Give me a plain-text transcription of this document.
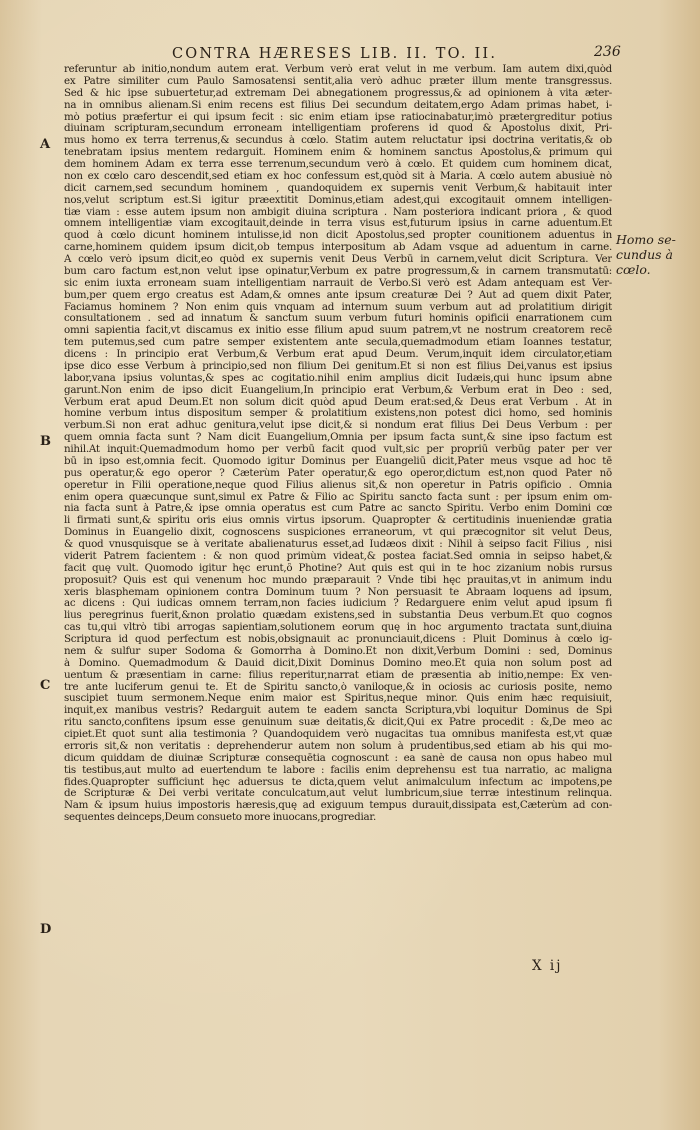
CONTRA HÆRESES LIB. II. TO. II.	236
A
B
C
D
referuntur ab initio,nondum autem erat. Verbum verò erat velut in me verbum. Iam autem dixi,quòd
ex Patre similiter cum Paulo Samosatensi sentit,alia verò adhuc præter illum mente transgressus.
Sed & hic ipse subuertetur,ad extremam Dei abnegationem progressus,& ad opinionem à vita æter-
na in omnibus alienam.Si enim recens est filius Dei secundum deitatem,ergo Adam primas habet, i-
mò potius præfertur ei qui ipsum fecit : sic enim etiam ipse ratiocinabatur,imò prætergreditur potius
diuinam scripturam,secundum erroneam intelligentiam proferens id quod & Apostolus dixit, Pri-
mus homo ex terra terrenus,& secundus à cœlo. Statim autem reluctatur ipsi doctrina veritatis,& ob
tenebratam ipsius mentem redarguit. Hominem enim & hominem sanctus Apostolus,& primum qui
dem hominem Adam ex terra esse terrenum,secundum verò à cœlo. Et quidem cum hominem dicat,
non ex cœlo caro descendit,sed etiam ex hoc confessum est,quòd sit à Maria. A cœlo autem abusiuè nò
dicit carnem,sed secundum hominem , quandoquidem ex supernis venit Verbum,& habitauit inter
nos,velut scriptum est.Si igitur præextitit Dominus,etiam adest,qui excogitauit omnem intelligen-
tiæ viam : esse autem ipsum non ambigit diuina scriptura . Nam posteriora indicant priora , & quod
omnem intelligentiæ viam excogitauit,deinde in terra visus est,futurum ipsius in carne aduentum.Et
quod à cœlo dicunt hominem intulisse,id non dicit Apostolus,sed propter counitionem aduentus in
carne,hominem quidem ipsum dicit,ob tempus interpositum ab Adam vsque ad aduentum in carne.
A cœlo verò ipsum dicit,eo quòd ex supernis venit Deus Verbū in carnem,velut dicit Scriptura. Ver
bum caro factum est,non velut ipse opinatur,Verbum ex patre progressum,& in carnem transmutatū:
sic enim iuxta erroneam suam intelligentiam narrauit de Verbo.Si verò est Adam antequam est Ver-
bum,per quem ergo creatus est Adam,& omnes ante ipsum creaturæ Dei ? Aut ad quem dixit Pater,
Faciamus hominem ? Non enim quis vnquam ad internum suum verbum aut ad prolatitium dirigit
consultationem . sed ad innatum & sanctum suum verbum futuri hominis opificii enarrationem cum
omni sapientia facit,vt discamus ex initio esse filium apud suum patrem,vt ne nostrum creatorem recē
tem putemus,sed cum patre semper existentem ante secula,quemadmodum etiam Ioannes testatur,
dicens : In principio erat Verbum,& Verbum erat apud Deum. Verum,inquit idem circulator,etiam
ipse dico esse Verbum à principio,sed non filium Dei genitum.Et si non est filius Dei,vanus est ipsius
labor,vana ipsius voluntas,& spes ac cogitatio.nihil enim amplius dicit Iudæis,qui hunc ipsum abne
garunt.Non enim de ipso dicit Euangelium,In principio erat Verbum,& Verbum erat in Deo : sed,
Verbum erat apud Deum.Et non solum dicit quòd apud Deum erat:sed,& Deus erat Verbum . At in
homine verbum intus dispositum semper & prolatitium existens,non potest dici homo, sed hominis
verbum.Si non erat adhuc genitura,velut ipse dicit,& si nondum erat filius Dei Deus Verbum : per
quem omnia facta sunt ? Nam dicit Euangelium,Omnia per ipsum facta sunt,& sine ipso factum est
nihil.At inquit:Quemadmodum homo per verbū facit quod vult,sic per propriū verbūg pater per ver
bū in ipso est,omnia fecit. Quomodo igitur Dominus per Euangeliū dicit,Pater meus vsque ad hoc tē
pus operatur,& ego operor ? Cæterùm Pater operatur,& ego operor,dictum est,non quod Pater nō
operetur in Filii operatione,neque quod Filius alienus sit,& non operetur in Patris opificio . Omnia
enim opera quæcunque sunt,simul ex Patre & Filio ac Spiritu sancto facta sunt : per ipsum enim om-
nia facta sunt à Patre,& ipse omnia operatus est cum Patre ac sancto Spiritu. Verbo enim Domini cœ
li firmati sunt,& spiritu oris eius omnis virtus ipsorum. Quapropter & certitudinis inueniendæ gratia
Dominus in Euangelio dixit, cognoscens suspiciones erraneorum, vt qui præcognitor sit velut Deus,
& quod vnusquisque se à veritate abalienaturus esset,ad Iudæos dixit : Nihil à seipso facit Filius , nisi
viderit Patrem facientem : & non quod primùm videat,& postea faciat.Sed omnia in seipso habet,&
facit quę vult. Quomodo igitur hęc erunt,ô Photine? Aut quis est qui in te hoc zizanium nobis rursus
proposuit? Quis est qui venenum hoc mundo præparauit ? Vnde tibi hęc prauitas,vt in animum indu
xeris blasphemam opinionem contra Dominum tuum ? Non persuasit te Abraam loquens ad ipsum,
ac dicens : Qui iudicas omnem terram,non facies iudicium ? Redarguere enim velut apud ipsum fi
lius peregrinus fuerit,&non prolatio quædam existens,sed in substantia Deus verbum.Et quo cognos
cas tu,qui vltrò tibi arrogas sapientiam,solutionem eorum quę in hoc argumento tractata sunt,diuina
Scriptura id quod perfectum est nobis,obsignauit ac pronunciauit,dicens : Pluit Dominus à cœlo ig-
nem & sulfur super Sodoma & Gomorrha à Domino.Et non dixit,Verbum Domini : sed, Dominus
à Domino. Quemadmodum & Dauid dicit,Dixit Dominus Domino meo.Et quia non solum post ad
uentum & præsentiam in carne: filius reperitur,narrat etiam de præsentia ab initio,nempe: Ex ven-
tre ante luciferum genui te. Et de Spiritu sancto,ò vaniloque,& in ociosis ac curiosis posite, nemo
suscipiet tuum sermonem.Neque enim maior est Spiritus,neque minor. Quis enim hæc requisiuit,
inquit,ex manibus vestris? Redarguit autem te eadem sancta Scriptura,vbi loquitur Dominus de Spi
ritu sancto,confitens ipsum esse genuinum suæ deitatis,& dicit,Qui ex Patre procedit : &,De meo ac
cipiet.Et quot sunt alia testimonia ? Quandoquidem verò nugacitas tua omnibus manifesta est,vt quæ
erroris sit,& non veritatis : deprehenderur autem non solum à prudentibus,sed etiam ab his qui mo-
dicum quiddam de diuinæ Scripturæ consequētia cognoscunt : ea sanè de causa non opus habeo mul
tis testibus,aut multo ad euertendum te labore : facilis enim deprehensu est tua narratio, ac maligna
fides.Quapropter sufficiunt hęc aduersus te dicta,quem velut animalculum infectum ac impotens,pe
de Scripturæ & Dei verbi veritate conculcatum,aut velut lumbricum,siue terræ intestinum relinqua.
Nam & ipsum huius impostoris hæresis,quę ad exiguum tempus durauit,dissipata est,Cæterùm ad con-
sequentes deinceps,Deum consueto more inuocans,progrediar.
Homo se-
cundus à
cœlo.
X ij
